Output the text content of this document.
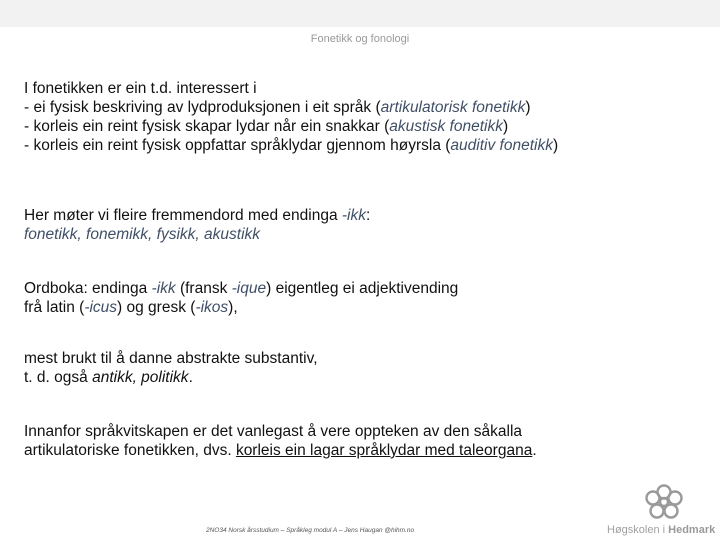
Fonetikk og fonologi
I fonetikken er ein t.d. interessert i
- ei fysisk beskriving av lydproduksjonen i eit språk (artikulatorisk fonetikk)
- korleis ein reint fysisk skapar lydar når ein snakkar (akustisk fonetikk)
- korleis ein reint fysisk oppfattar språklydar gjennom høyrsla (auditiv fonetikk)
Her møter vi fleire fremmendord med endinga -ikk:
fonetikk, fonemikk, fysikk, akustikk
Ordboka: endinga -ikk (fransk -ique) eigentleg ei adjektivending
frå latin (-icus) og gresk (-ikos),
mest brukt til å danne abstrakte substantiv,
t. d. også antikk, politikk.
Innanfor språkvitskapen er det vanlegast å vere oppteken av den såkalla
artikulatoriske fonetikken, dvs. korleis ein lagar språklydar med taleorgana.
2NO34 Norsk årsstudium – Språkleg modul A – Jens Haugan @hihm.no	Høgskolen i Hedmark
